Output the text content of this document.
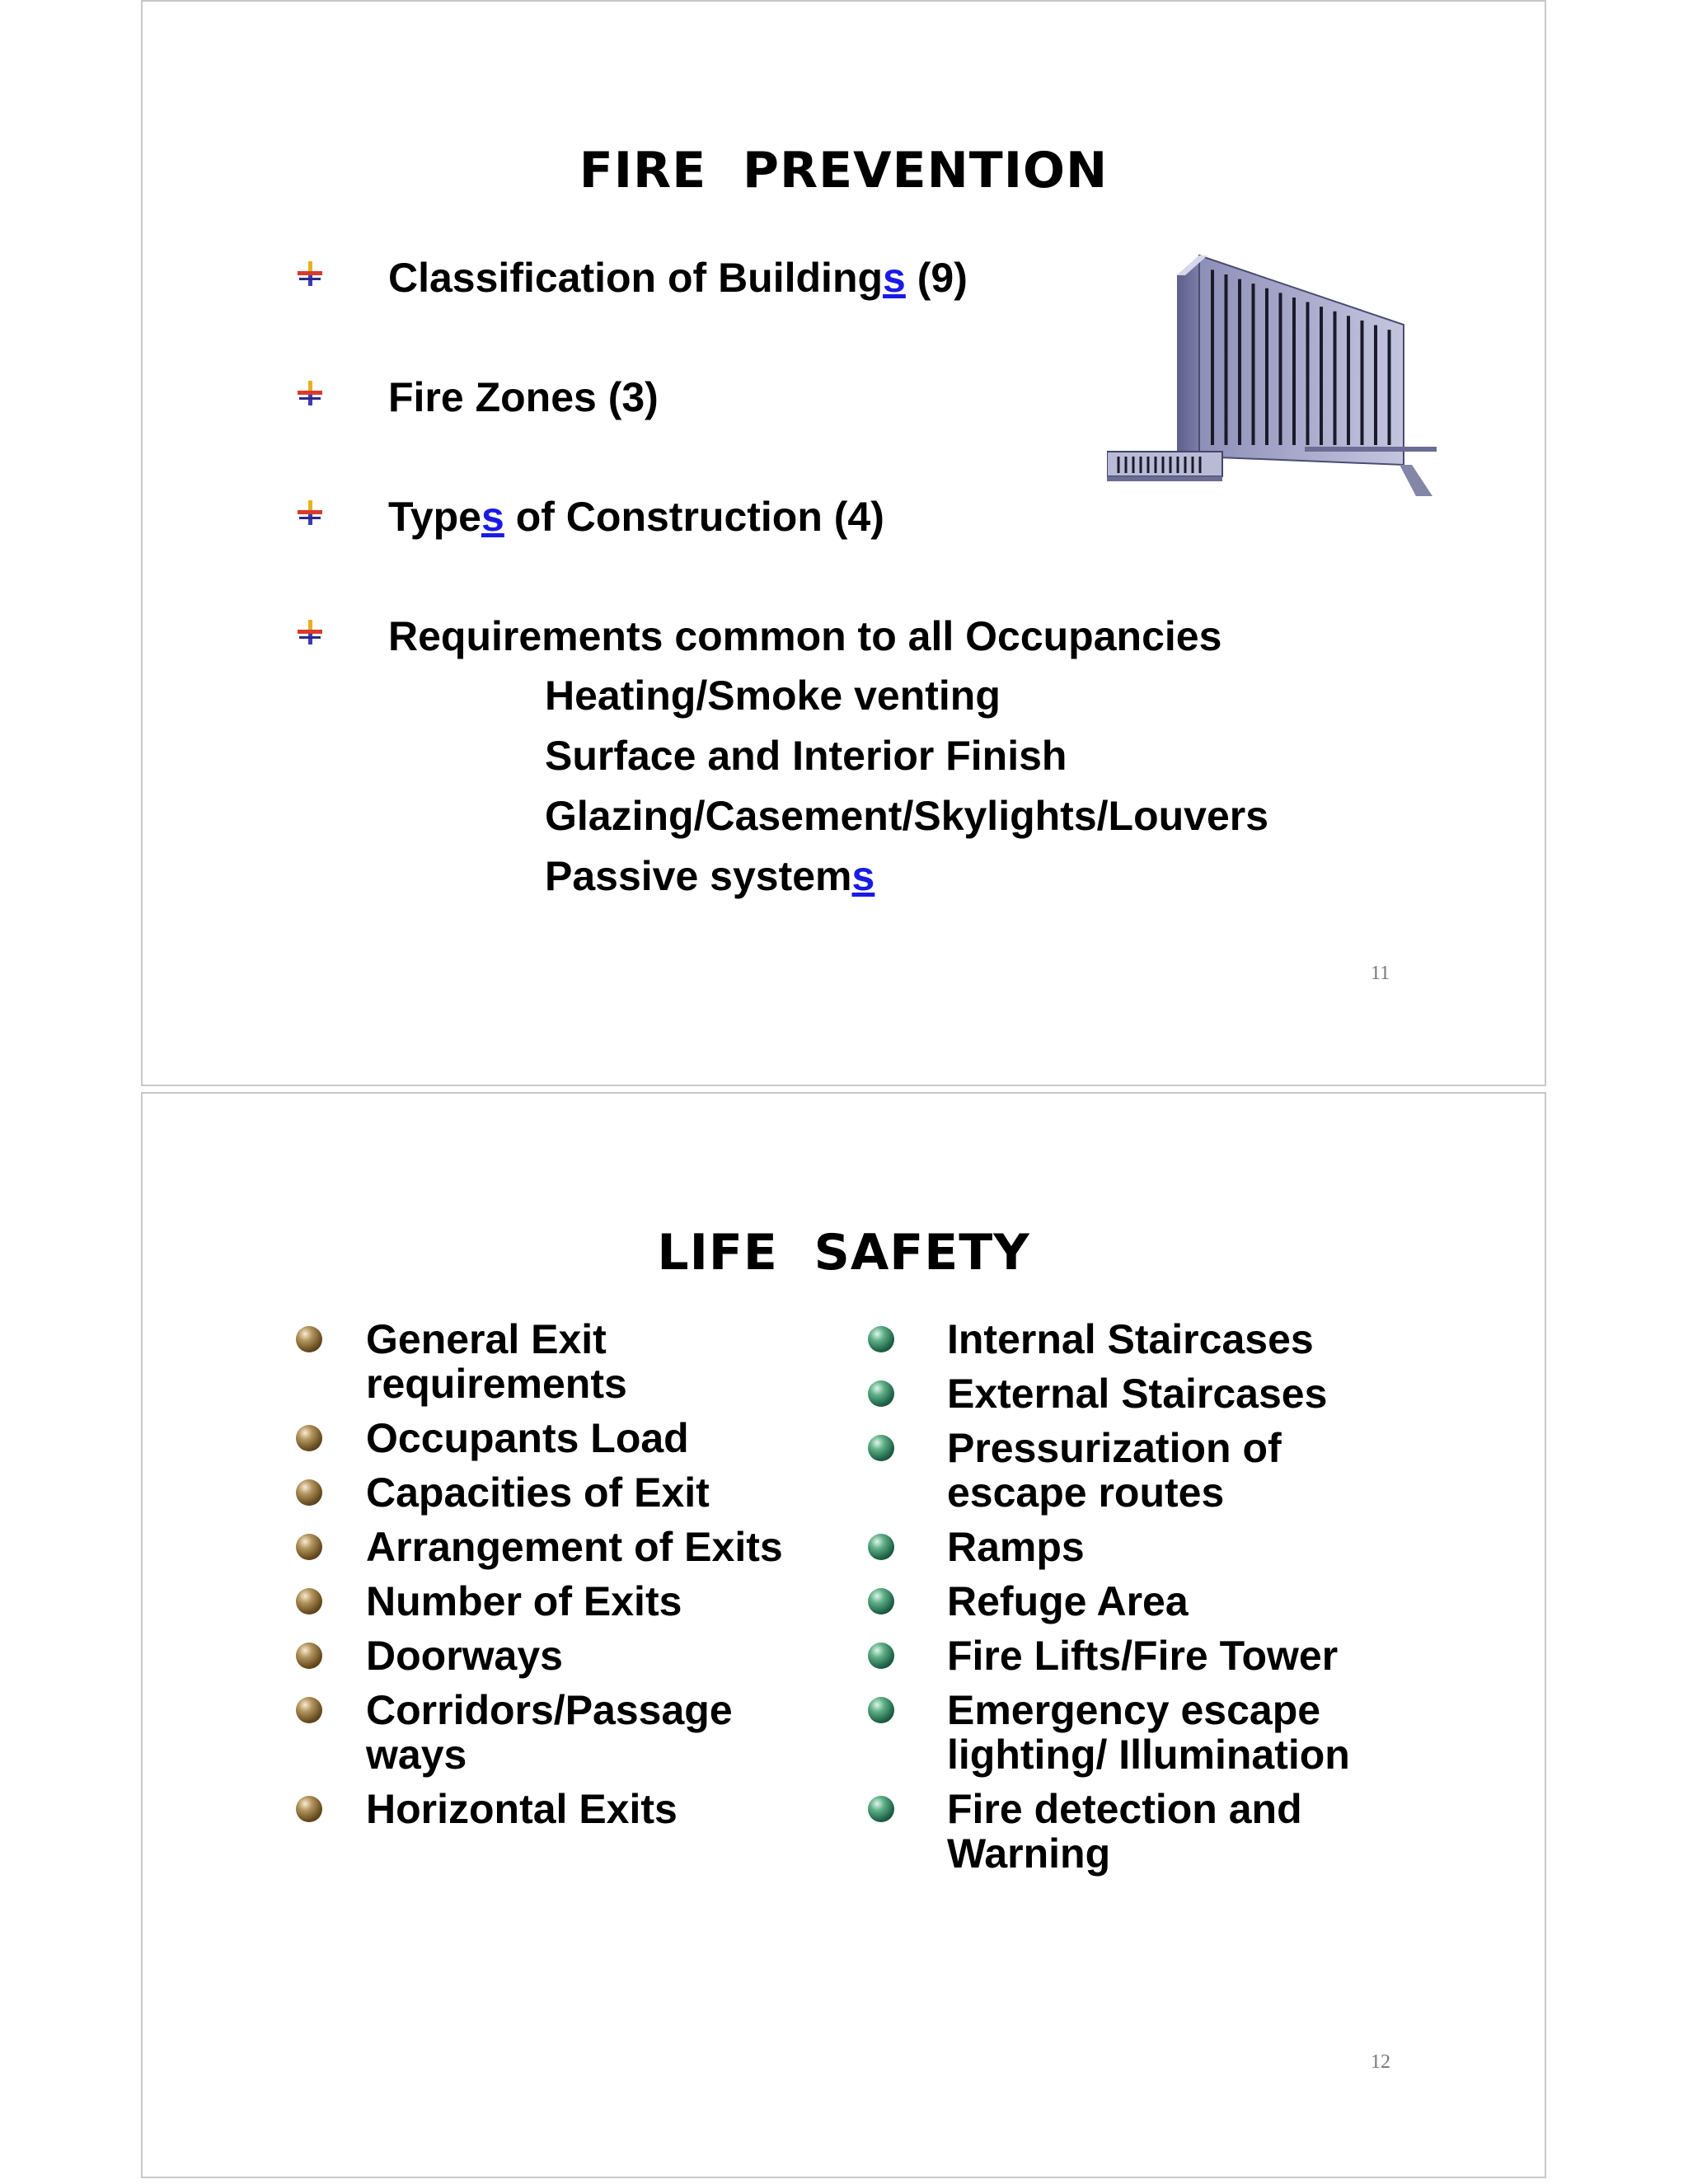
FIRE  PREVENTION
Classification of Buildings (9)
Fire Zones (3)
Types of Construction (4)
Requirements common to all Occupancies
Heating/Smoke venting
Surface and Interior Finish
Glazing/Casement/Skylights/Louvers
Passive systems
11
LIFE  SAFETY
General Exit
requirements
Occupants Load
Capacities of Exit
Arrangement of Exits
Number of Exits
Doorways
Corridors/Passage
ways
Horizontal Exits
Internal Staircases
External Staircases
Pressurization of
escape routes
Ramps
Refuge Area
Fire Lifts/Fire Tower
Emergency escape
lighting/ Illumination
Fire detection and
Warning
12
